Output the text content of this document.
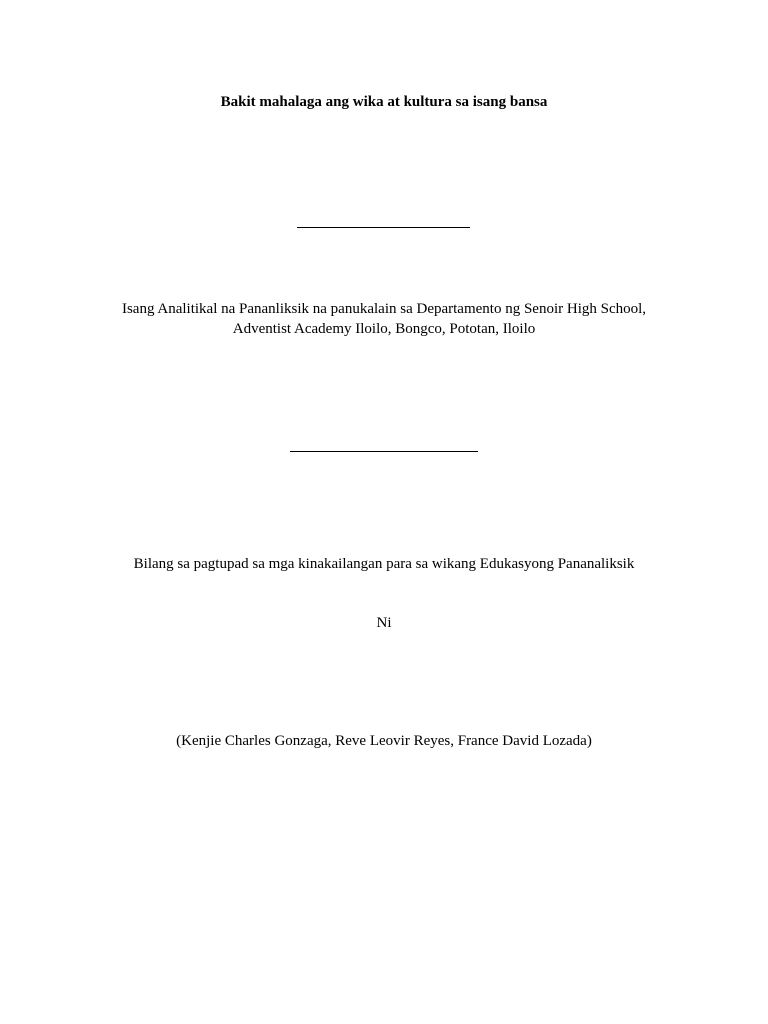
Bakit mahalaga ang wika at kultura sa isang bansa
Isang Analitikal na Pananliksik na panukalain sa Departamento ng Senoir High School,
Adventist Academy Iloilo, Bongco, Pototan, Iloilo
Bilang sa pagtupad sa mga kinakailangan para sa wikang Edukasyong Pananaliksik
Ni
(Kenjie Charles Gonzaga, Reve Leovir Reyes, France David Lozada)
